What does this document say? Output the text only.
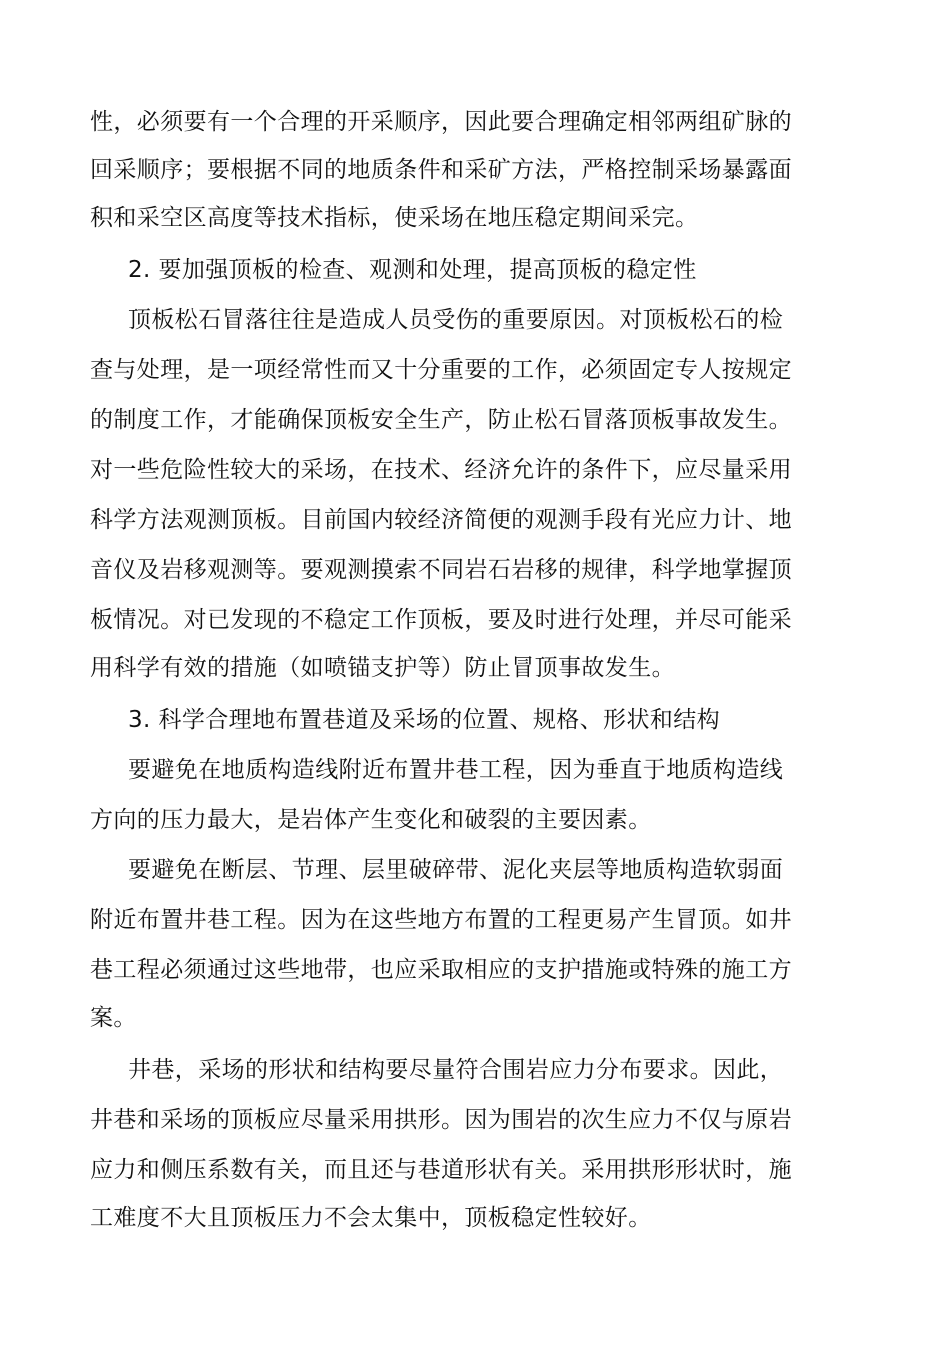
性，必须要有一个合理的开采顺序，因此要合理确定相邻两组矿脉的
回采顺序；要根据不同的地质条件和采矿方法，严格控制采场暴露面
积和采空区高度等技术指标，使采场在地压稳定期间采完。
2. 要加强顶板的检查、观测和处理，提高顶板的稳定性
顶板松石冒落往往是造成人员受伤的重要原因。对顶板松石的检
查与处理，是一项经常性而又十分重要的工作，必须固定专人按规定
的制度工作，才能确保顶板安全生产，防止松石冒落顶板事故发生。
对一些危险性较大的采场，在技术、经济允许的条件下，应尽量采用
科学方法观测顶板。目前国内较经济简便的观测手段有光应力计、地
音仪及岩移观测等。要观测摸索不同岩石岩移的规律，科学地掌握顶
板情况。对已发现的不稳定工作顶板，要及时进行处理，并尽可能采
用科学有效的措施（如喷锚支护等）防止冒顶事故发生。
3. 科学合理地布置巷道及采场的位置、规格、形状和结构
要避免在地质构造线附近布置井巷工程，因为垂直于地质构造线
方向的压力最大，是岩体产生变化和破裂的主要因素。
要避免在断层、节理、层里破碎带、泥化夹层等地质构造软弱面
附近布置井巷工程。因为在这些地方布置的工程更易产生冒顶。如井
巷工程必须通过这些地带，也应采取相应的支护措施或特殊的施工方
案。
井巷，采场的形状和结构要尽量符合围岩应力分布要求。因此，
井巷和采场的顶板应尽量采用拱形。因为围岩的次生应力不仅与原岩
应力和侧压系数有关，而且还与巷道形状有关。采用拱形形状时，施
工难度不大且顶板压力不会太集中，顶板稳定性较好。
